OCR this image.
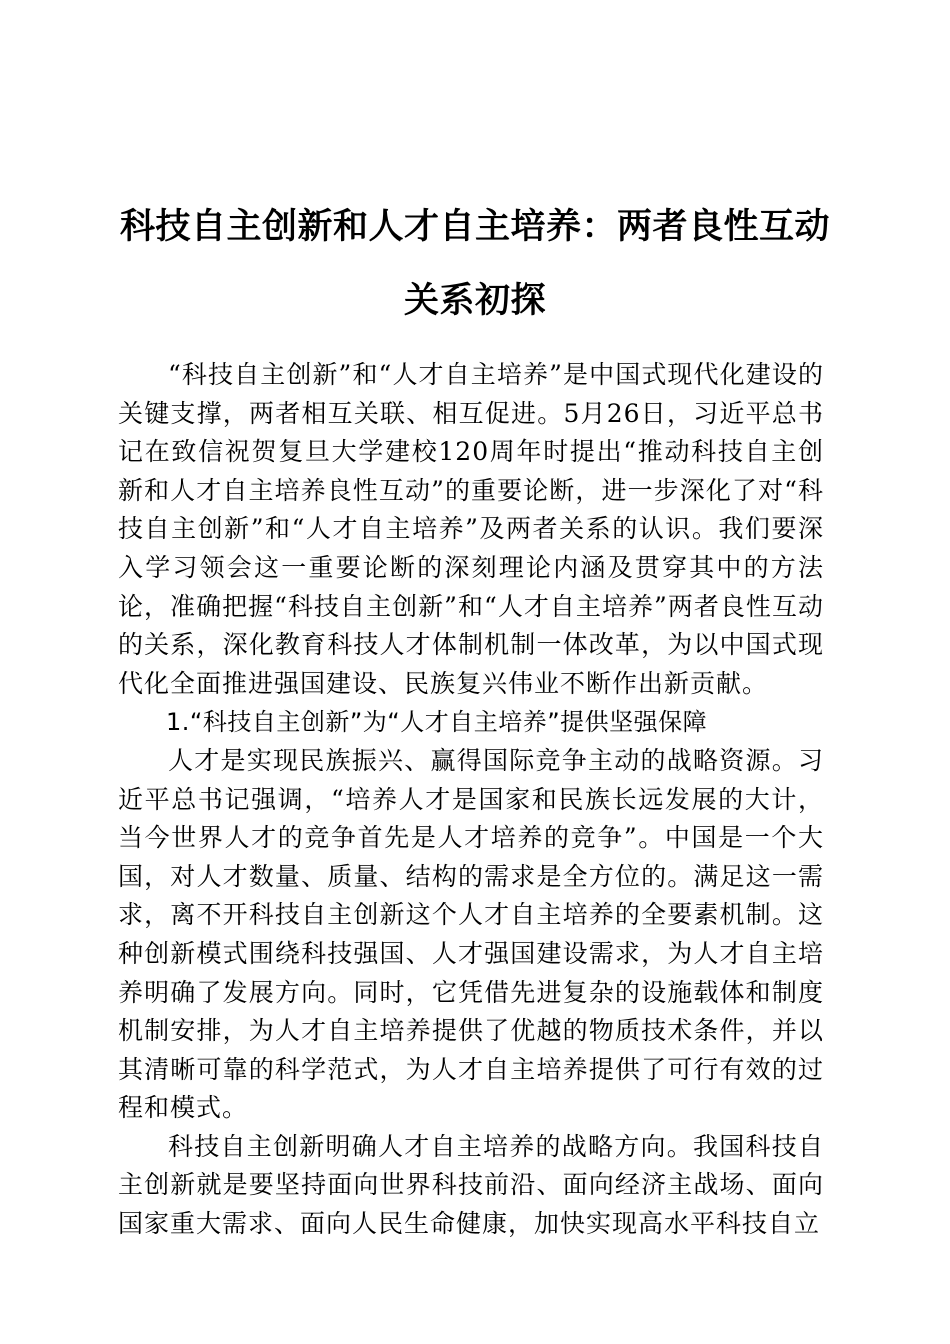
科技自主创新和人才自主培养：两者良性互动关系初探

“科技自主创新”和“人才自主培养”是中国式现代化建设的关键支撑，两者相互关联、相互促进。5月26日，习近平总书记在致信祝贺复旦大学建校120周年时提出“推动科技自主创新和人才自主培养良性互动”的重要论断，进一步深化了对“科技自主创新”和“人才自主培养”及两者关系的认识。我们要深入学习领会这一重要论断的深刻理论内涵及贯穿其中的方法论，准确把握“科技自主创新”和“人才自主培养”两者良性互动的关系，深化教育科技人才体制机制一体改革，为以中国式现代化全面推进强国建设、民族复兴伟业不断作出新贡献。

1.“科技自主创新”为“人才自主培养”提供坚强保障

人才是实现民族振兴、赢得国际竞争主动的战略资源。习近平总书记强调，“培养人才是国家和民族长远发展的大计，当今世界人才的竞争首先是人才培养的竞争”。中国是一个大国，对人才数量、质量、结构的需求是全方位的。满足这一需求，离不开科技自主创新这个人才自主培养的全要素机制。这种创新模式围绕科技强国、人才强国建设需求，为人才自主培养明确了发展方向。同时，它凭借先进复杂的设施载体和制度机制安排，为人才自主培养提供了优越的物质技术条件，并以其清晰可靠的科学范式，为人才自主培养提供了可行有效的过程和模式。

科技自主创新明确人才自主培养的战略方向。我国科技自主创新就是要坚持面向世界科技前沿、面向经济主战场、面向国家重大需求、面向人民生命健康，加快实现高水平科技自立
